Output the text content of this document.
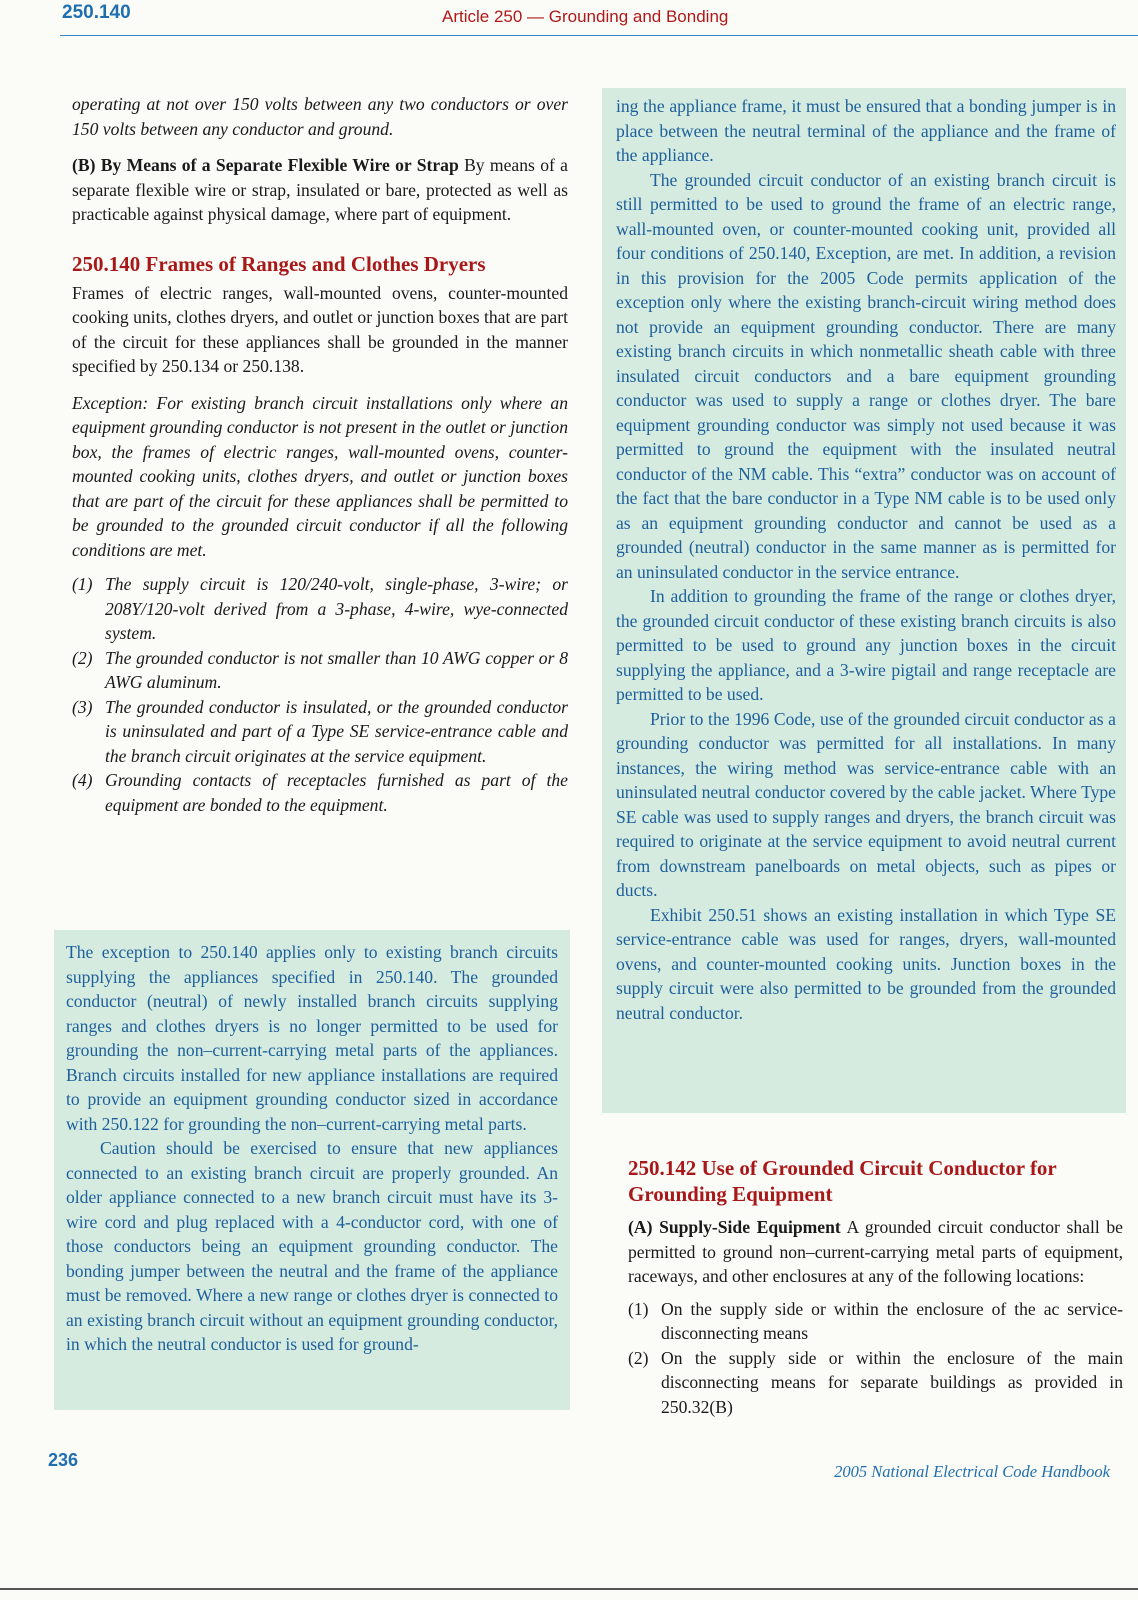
250.140	Article 250 — Grounding and Bonding

operating at not over 150 volts between any two conductors or over 150 volts between any conductor and ground.

(B) By Means of a Separate Flexible Wire or Strap By means of a separate flexible wire or strap, insulated or bare, protected as well as practicable against physical damage, where part of equipment.

250.140 Frames of Ranges and Clothes Dryers

Frames of electric ranges, wall-mounted ovens, counter-mounted cooking units, clothes dryers, and outlet or junction boxes that are part of the circuit for these appliances shall be grounded in the manner specified by 250.134 or 250.138.

Exception: For existing branch circuit installations only where an equipment grounding conductor is not present in the outlet or junction box, the frames of electric ranges, wall-mounted ovens, counter-mounted cooking units, clothes dryers, and outlet or junction boxes that are part of the circuit for these appliances shall be permitted to be grounded to the grounded circuit conductor if all the following conditions are met.

(1) The supply circuit is 120/240-volt, single-phase, 3-wire; or 208Y/120-volt derived from a 3-phase, 4-wire, wye-connected system.
(2) The grounded conductor is not smaller than 10 AWG copper or 8 AWG aluminum.
(3) The grounded conductor is insulated, or the grounded conductor is uninsulated and part of a Type SE service-entrance cable and the branch circuit originates at the service equipment.
(4) Grounding contacts of receptacles furnished as part of the equipment are bonded to the equipment.

The exception to 250.140 applies only to existing branch circuits supplying the appliances specified in 250.140. The grounded conductor (neutral) of newly installed branch circuits supplying ranges and clothes dryers is no longer permitted to be used for grounding the non–current-carrying metal parts of the appliances. Branch circuits installed for new appliance installations are required to provide an equipment grounding conductor sized in accordance with 250.122 for grounding the non–current-carrying metal parts.

Caution should be exercised to ensure that new appliances connected to an existing branch circuit are properly grounded. An older appliance connected to a new branch circuit must have its 3-wire cord and plug replaced with a 4-conductor cord, with one of those conductors being an equipment grounding conductor. The bonding jumper between the neutral and the frame of the appliance must be removed. Where a new range or clothes dryer is connected to an existing branch circuit without an equipment grounding conductor, in which the neutral conductor is used for ground-

ing the appliance frame, it must be ensured that a bonding jumper is in place between the neutral terminal of the appliance and the frame of the appliance.

The grounded circuit conductor of an existing branch circuit is still permitted to be used to ground the frame of an electric range, wall-mounted oven, or counter-mounted cooking unit, provided all four conditions of 250.140, Exception, are met. In addition, a revision in this provision for the 2005 Code permits application of the exception only where the existing branch-circuit wiring method does not provide an equipment grounding conductor. There are many existing branch circuits in which nonmetallic sheath cable with three insulated circuit conductors and a bare equipment grounding conductor was used to supply a range or clothes dryer. The bare equipment grounding conductor was simply not used because it was permitted to ground the equipment with the insulated neutral conductor of the NM cable. This “extra” conductor was on account of the fact that the bare conductor in a Type NM cable is to be used only as an equipment grounding conductor and cannot be used as a grounded (neutral) conductor in the same manner as is permitted for an uninsulated conductor in the service entrance.

In addition to grounding the frame of the range or clothes dryer, the grounded circuit conductor of these existing branch circuits is also permitted to be used to ground any junction boxes in the circuit supplying the appliance, and a 3-wire pigtail and range receptacle are permitted to be used.

Prior to the 1996 Code, use of the grounded circuit conductor as a grounding conductor was permitted for all installations. In many instances, the wiring method was service-entrance cable with an uninsulated neutral conductor covered by the cable jacket. Where Type SE cable was used to supply ranges and dryers, the branch circuit was required to originate at the service equipment to avoid neutral current from downstream panelboards on metal objects, such as pipes or ducts.

Exhibit 250.51 shows an existing installation in which Type SE service-entrance cable was used for ranges, dryers, wall-mounted ovens, and counter-mounted cooking units. Junction boxes in the supply circuit were also permitted to be grounded from the grounded neutral conductor.

250.142 Use of Grounded Circuit Conductor for Grounding Equipment

(A) Supply-Side Equipment A grounded circuit conductor shall be permitted to ground non–current-carrying metal parts of equipment, raceways, and other enclosures at any of the following locations:

(1) On the supply side or within the enclosure of the ac service-disconnecting means
(2) On the supply side or within the enclosure of the main disconnecting means for separate buildings as provided in 250.32(B)
236
2005 National Electrical Code Handbook
